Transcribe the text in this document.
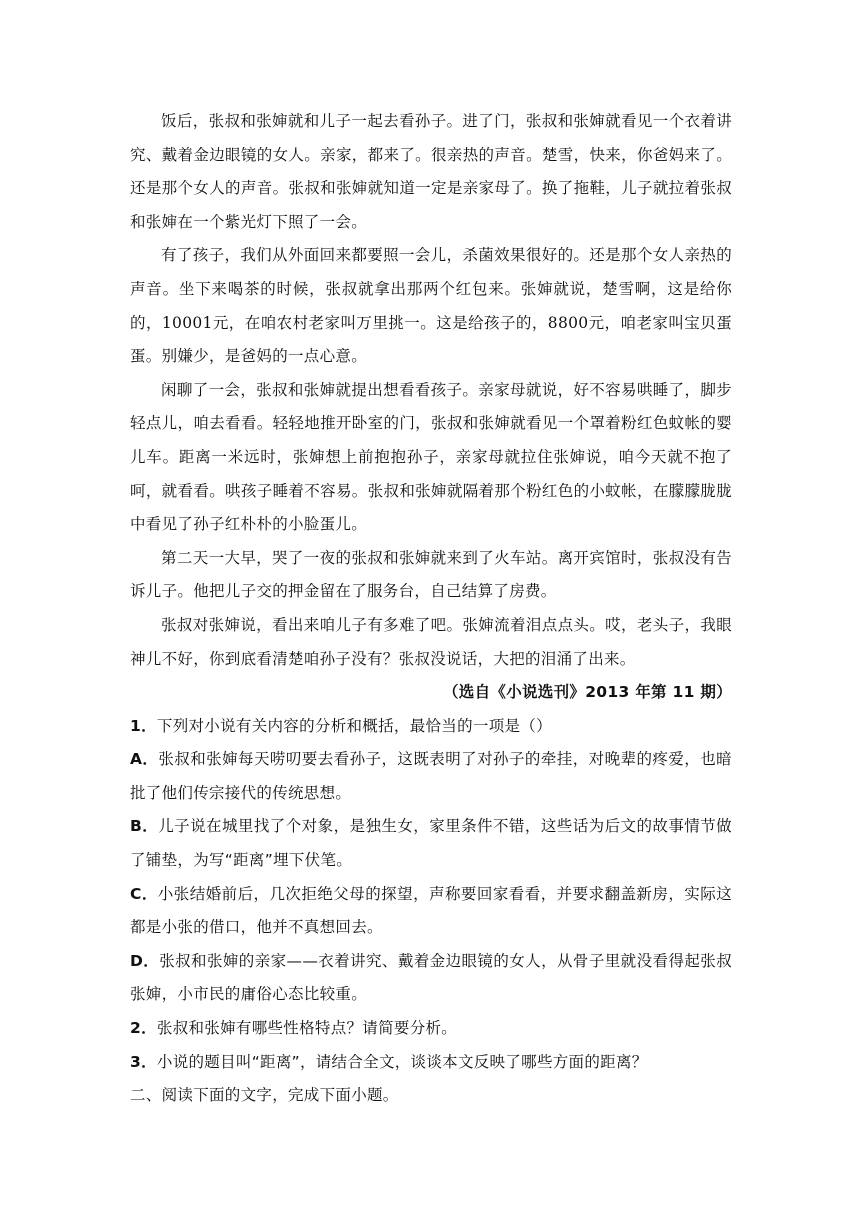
饭后，张叔和张婶就和儿子一起去看孙子。进了门，张叔和张婶就看见一个衣着讲究、戴着金边眼镜的女人。亲家，都来了。很亲热的声音。楚雪，快来，你爸妈来了。还是那个女人的声音。张叔和张婶就知道一定是亲家母了。换了拖鞋，儿子就拉着张叔和张婶在一个紫光灯下照了一会。

有了孩子，我们从外面回来都要照一会儿，杀菌效果很好的。还是那个女人亲热的声音。坐下来喝茶的时候，张叔就拿出那两个红包来。张婶就说，楚雪啊，这是给你的，10001元，在咱农村老家叫万里挑一。这是给孩子的，8800元，咱老家叫宝贝蛋蛋。别嫌少，是爸妈的一点心意。

闲聊了一会，张叔和张婶就提出想看看孩子。亲家母就说，好不容易哄睡了，脚步轻点儿，咱去看看。轻轻地推开卧室的门，张叔和张婶就看见一个罩着粉红色蚊帐的婴儿车。距离一米远时，张婶想上前抱抱孙子，亲家母就拉住张婶说，咱今天就不抱了呵，就看看。哄孩子睡着不容易。张叔和张婶就隔着那个粉红色的小蚊帐，在朦朦胧胧中看见了孙子红朴朴的小脸蛋儿。

第二天一大早，哭了一夜的张叔和张婶就来到了火车站。离开宾馆时，张叔没有告诉儿子。他把儿子交的押金留在了服务台，自己结算了房费。

张叔对张婶说，看出来咱儿子有多难了吧。张婶流着泪点点头。哎，老头子，我眼神儿不好，你到底看清楚咱孙子没有？张叔没说话，大把的泪涌了出来。

（选自《小说选刊》2013 年第 11 期）

1．下列对小说有关内容的分析和概括，最恰当的一项是（）

A．张叔和张婶每天唠叨要去看孙子，这既表明了对孙子的牵挂，对晚辈的疼爱，也暗批了他们传宗接代的传统思想。

B．儿子说在城里找了个对象，是独生女，家里条件不错，这些话为后文的故事情节做了铺垫，为写“距离”埋下伏笔。

C．小张结婚前后，几次拒绝父母的探望，声称要回家看看，并要求翻盖新房，实际这都是小张的借口，他并不真想回去。

D．张叔和张婶的亲家——衣着讲究、戴着金边眼镜的女人，从骨子里就没看得起张叔张婶，小市民的庸俗心态比较重。

2．张叔和张婶有哪些性格特点？请简要分析。

3．小说的题目叫“距离”，请结合全文，谈谈本文反映了哪些方面的距离？

二、阅读下面的文字，完成下面小题。
